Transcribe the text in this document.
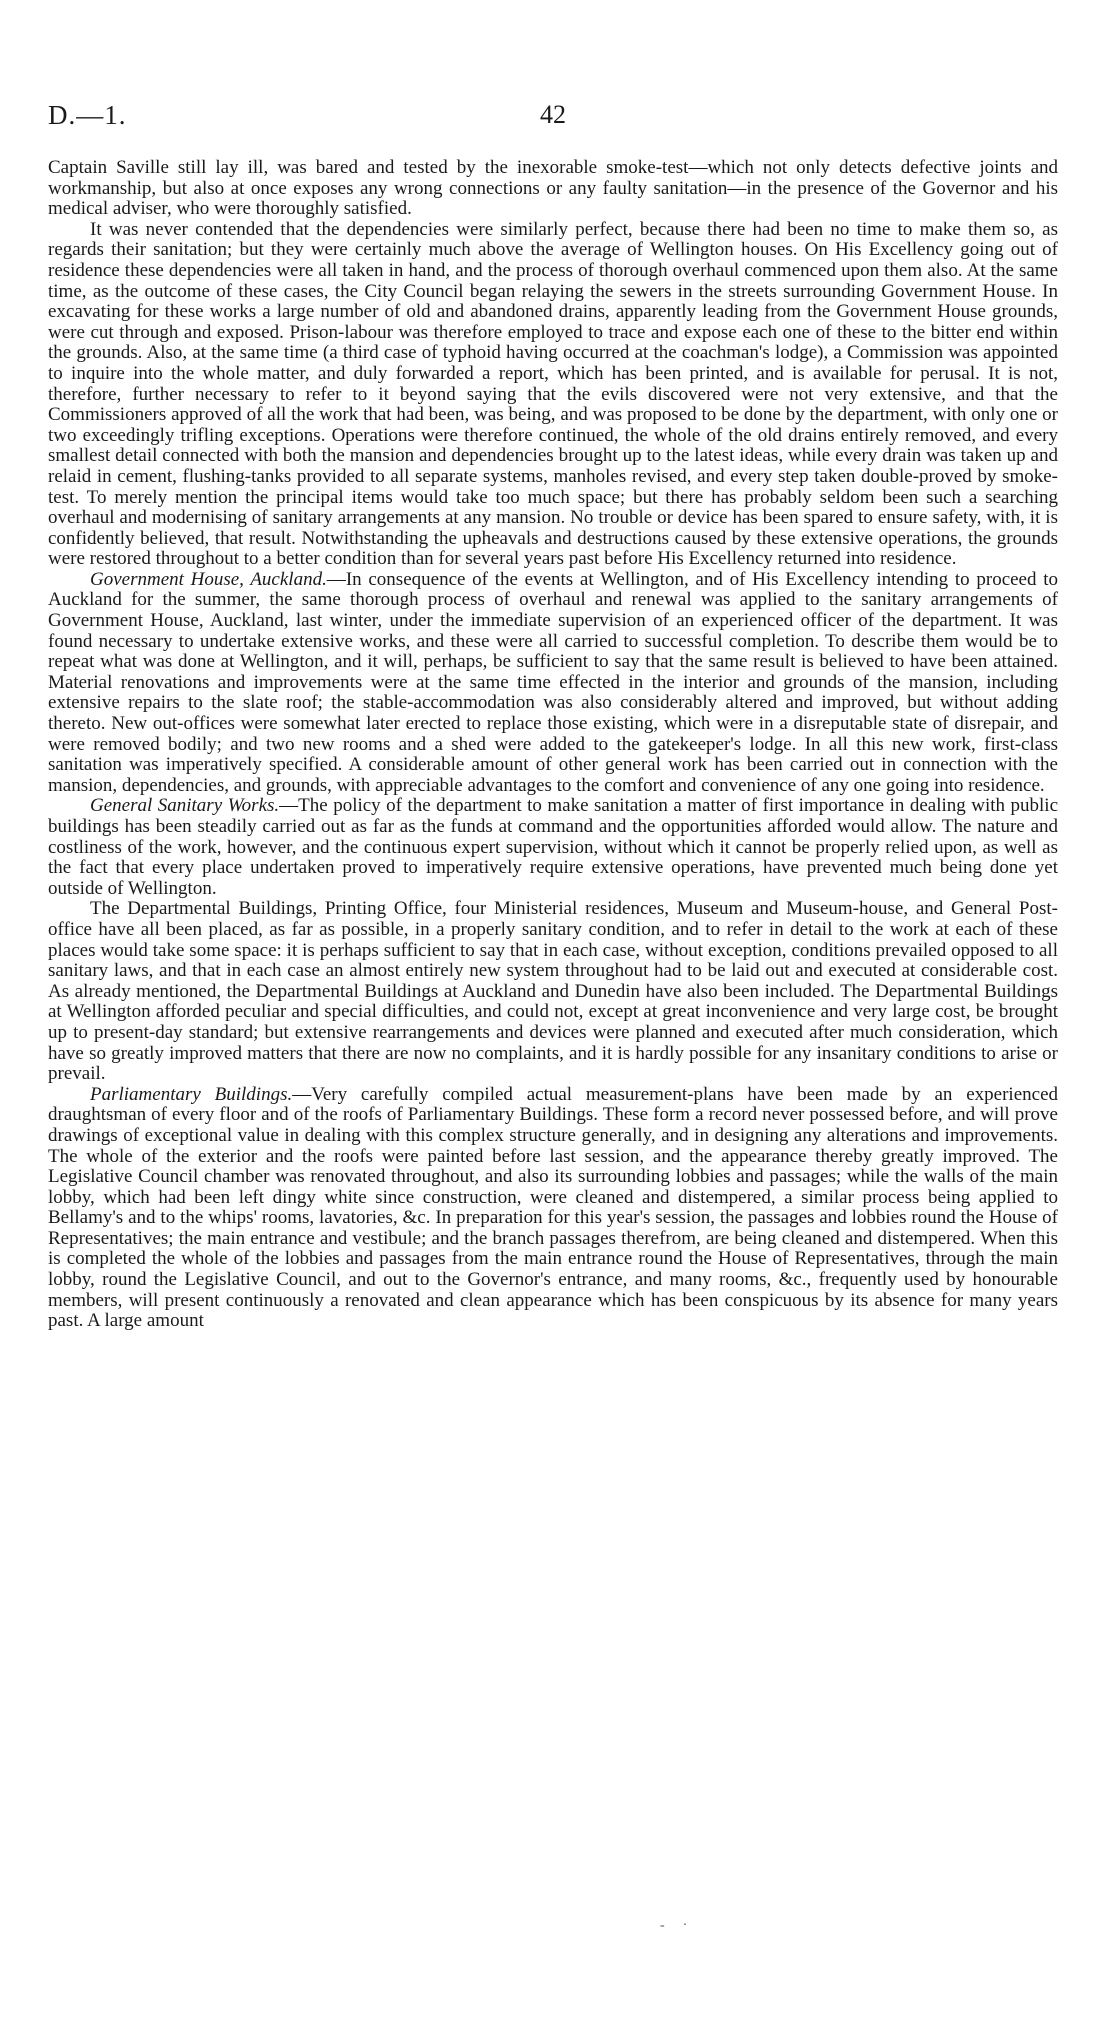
D.—1.	42

Captain Saville still lay ill, was bared and tested by the inexorable smoke-test—which not only detects defective joints and workmanship, but also at once exposes any wrong connections or any faulty sanitation—in the presence of the Governor and his medical adviser, who were thoroughly satisfied.

It was never contended that the dependencies were similarly perfect, because there had been no time to make them so, as regards their sanitation; but they were certainly much above the average of Wellington houses. On His Excellency going out of residence these dependencies were all taken in hand, and the process of thorough overhaul commenced upon them also. At the same time, as the outcome of these cases, the City Council began relaying the sewers in the streets surrounding Government House. In excavating for these works a large number of old and abandoned drains, apparently leading from the Government House grounds, were cut through and exposed. Prison-labour was therefore employed to trace and expose each one of these to the bitter end within the grounds. Also, at the same time (a third case of typhoid having occurred at the coachman's lodge), a Commission was appointed to inquire into the whole matter, and duly forwarded a report, which has been printed, and is available for perusal. It is not, therefore, further necessary to refer to it beyond saying that the evils discovered were not very extensive, and that the Commissioners approved of all the work that had been, was being, and was proposed to be done by the department, with only one or two exceedingly trifling exceptions. Operations were therefore continued, the whole of the old drains entirely removed, and every smallest detail connected with both the mansion and dependencies brought up to the latest ideas, while every drain was taken up and relaid in cement, flushing-tanks provided to all separate systems, manholes revised, and every step taken double-proved by smoke-test. To merely mention the principal items would take too much space; but there has probably seldom been such a searching overhaul and modernising of sanitary arrangements at any mansion. No trouble or device has been spared to ensure safety, with, it is confidently believed, that result. Notwithstanding the upheavals and destructions caused by these extensive operations, the grounds were restored throughout to a better condition than for several years past before His Excellency returned into residence.

Government House, Auckland.—In consequence of the events at Wellington, and of His Excellency intending to proceed to Auckland for the summer, the same thorough process of overhaul and renewal was applied to the sanitary arrangements of Government House, Auckland, last winter, under the immediate supervision of an experienced officer of the department. It was found necessary to undertake extensive works, and these were all carried to successful completion. To describe them would be to repeat what was done at Wellington, and it will, perhaps, be sufficient to say that the same result is believed to have been attained. Material renovations and improvements were at the same time effected in the interior and grounds of the mansion, including extensive repairs to the slate roof; the stable-accommodation was also considerably altered and improved, but without adding thereto. New out-offices were somewhat later erected to replace those existing, which were in a disreputable state of disrepair, and were removed bodily; and two new rooms and a shed were added to the gatekeeper's lodge. In all this new work, first-class sanitation was imperatively specified. A considerable amount of other general work has been carried out in connection with the mansion, dependencies, and grounds, with appreciable advantages to the comfort and convenience of any one going into residence.

General Sanitary Works.—The policy of the department to make sanitation a matter of first importance in dealing with public buildings has been steadily carried out as far as the funds at command and the opportunities afforded would allow. The nature and costliness of the work, however, and the continuous expert supervision, without which it cannot be properly relied upon, as well as the fact that every place undertaken proved to imperatively require extensive operations, have prevented much being done yet outside of Wellington.

The Departmental Buildings, Printing Office, four Ministerial residences, Museum and Museum-house, and General Post-office have all been placed, as far as possible, in a properly sanitary condition, and to refer in detail to the work at each of these places would take some space: it is perhaps sufficient to say that in each case, without exception, conditions prevailed opposed to all sanitary laws, and that in each case an almost entirely new system throughout had to be laid out and executed at considerable cost. As already mentioned, the Departmental Buildings at Auckland and Dunedin have also been included. The Departmental Buildings at Wellington afforded peculiar and special difficulties, and could not, except at great inconvenience and very large cost, be brought up to present-day standard; but extensive rearrangements and devices were planned and executed after much consideration, which have so greatly improved matters that there are now no complaints, and it is hardly possible for any insanitary conditions to arise or prevail.

Parliamentary Buildings.—Very carefully compiled actual measurement-plans have been made by an experienced draughtsman of every floor and of the roofs of Parliamentary Buildings. These form a record never possessed before, and will prove drawings of exceptional value in dealing with this complex structure generally, and in designing any alterations and improvements. The whole of the exterior and the roofs were painted before last session, and the appearance thereby greatly improved. The Legislative Council chamber was renovated throughout, and also its surrounding lobbies and passages; while the walls of the main lobby, which had been left dingy white since construction, were cleaned and distempered, a similar process being applied to Bellamy's and to the whips' rooms, lavatories, &c. In preparation for this year's session, the passages and lobbies round the House of Representatives; the main entrance and vestibule; and the branch passages therefrom, are being cleaned and distempered. When this is completed the whole of the lobbies and passages from the main entrance round the House of Representatives, through the main lobby, round the Legislative Council, and out to the Governor's entrance, and many rooms, &c., frequently used by honourable members, will present continuously a renovated and clean appearance which has been conspicuous by its absence for many years past. A large amount

-·
